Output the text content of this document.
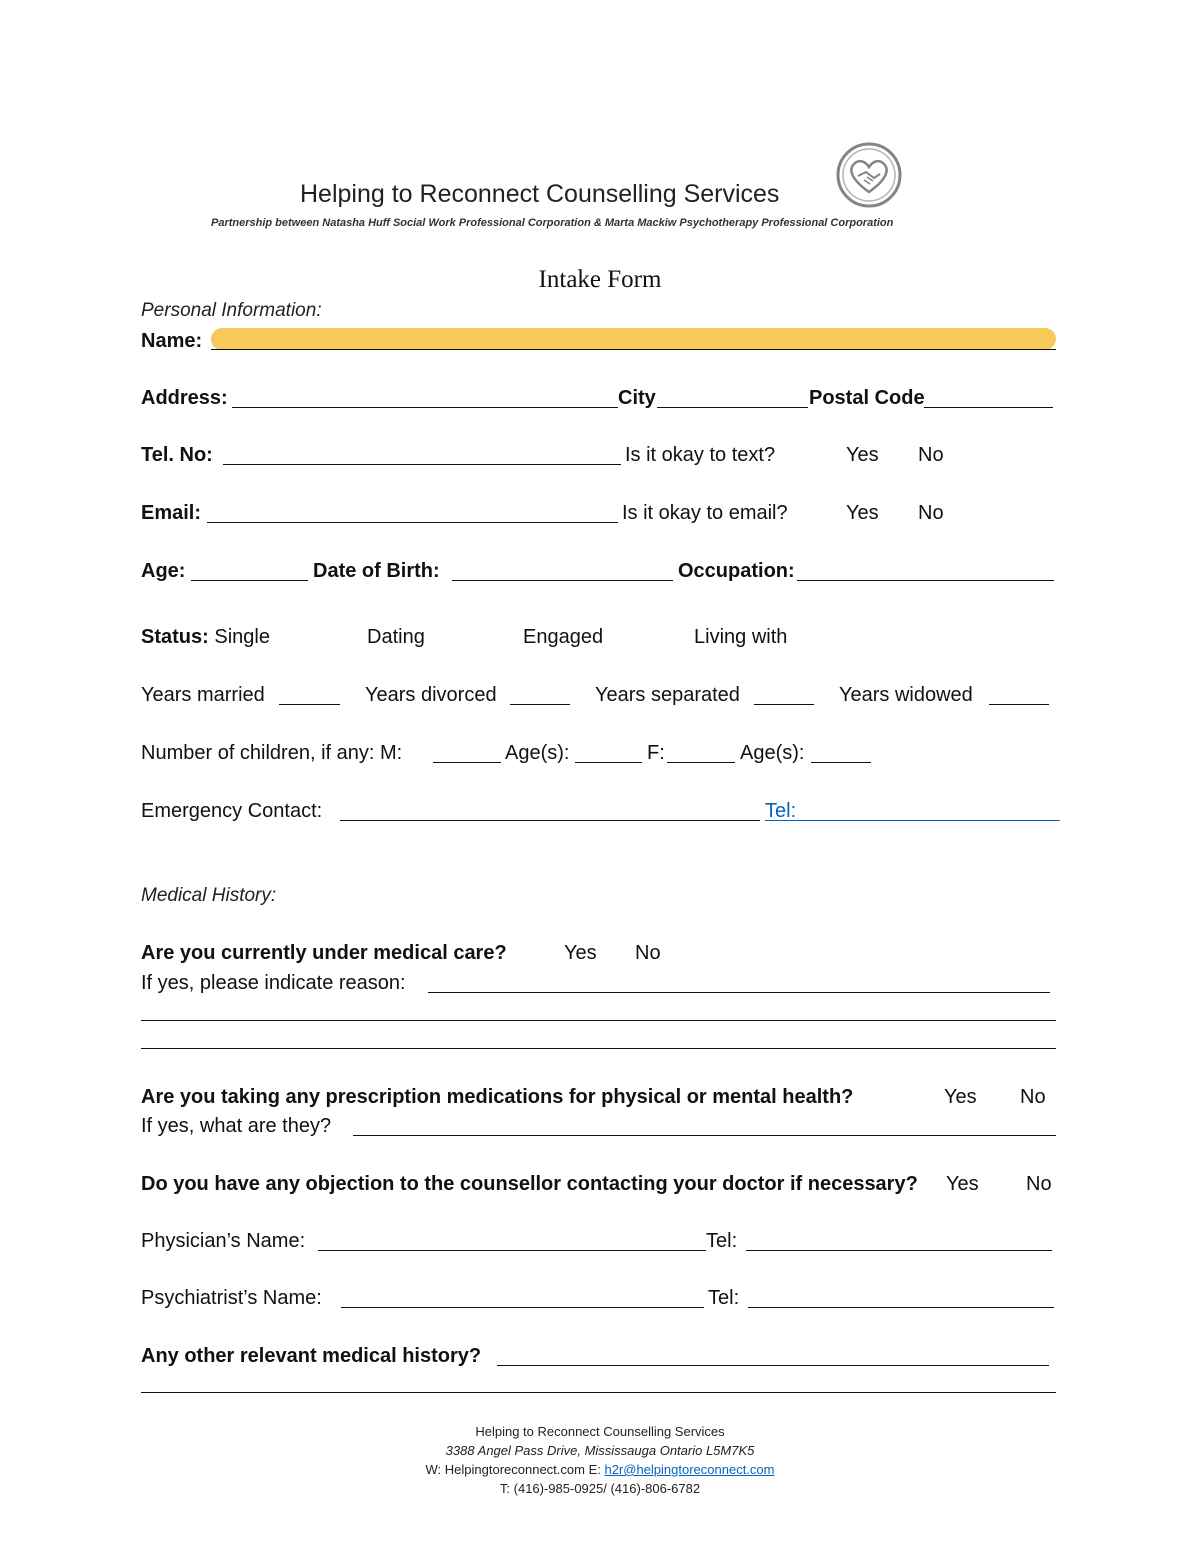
Helping to Reconnect Counselling Services
Partnership between Natasha Huff Social Work Professional Corporation & Marta Mackiw Psychotherapy Professional Corporation
Intake Form
Personal Information:
Name:
Address:	City	Postal Code
Tel. No:	Is it okay to text?	Yes No
Email:	Is it okay to email?	Yes No
Age:	Date of Birth:	Occupation:
Status: Single	Dating	Engaged	Living with
Years married	Years divorced	Years separated	Years widowed
Number of children, if any: M:	Age(s):	F:	Age(s):
Emergency Contact:	Tel:
Medical History:
Are you currently under medical care?	Yes No
If yes, please indicate reason:
Are you taking any prescription medications for physical or mental health?	Yes No
If yes, what are they?
Do you have any objection to the counsellor contacting your doctor if necessary? Yes No
Physician’s Name:	Tel:
Psychiatrist’s Name:	Tel:
Any other relevant medical history?
Helping to Reconnect Counselling Services
3388 Angel Pass Drive, Mississauga Ontario L5M7K5
W: Helpingtoreconnect.com E: h2r@helpingtoreconnect.com
T: (416)-985-0925/ (416)-806-6782
